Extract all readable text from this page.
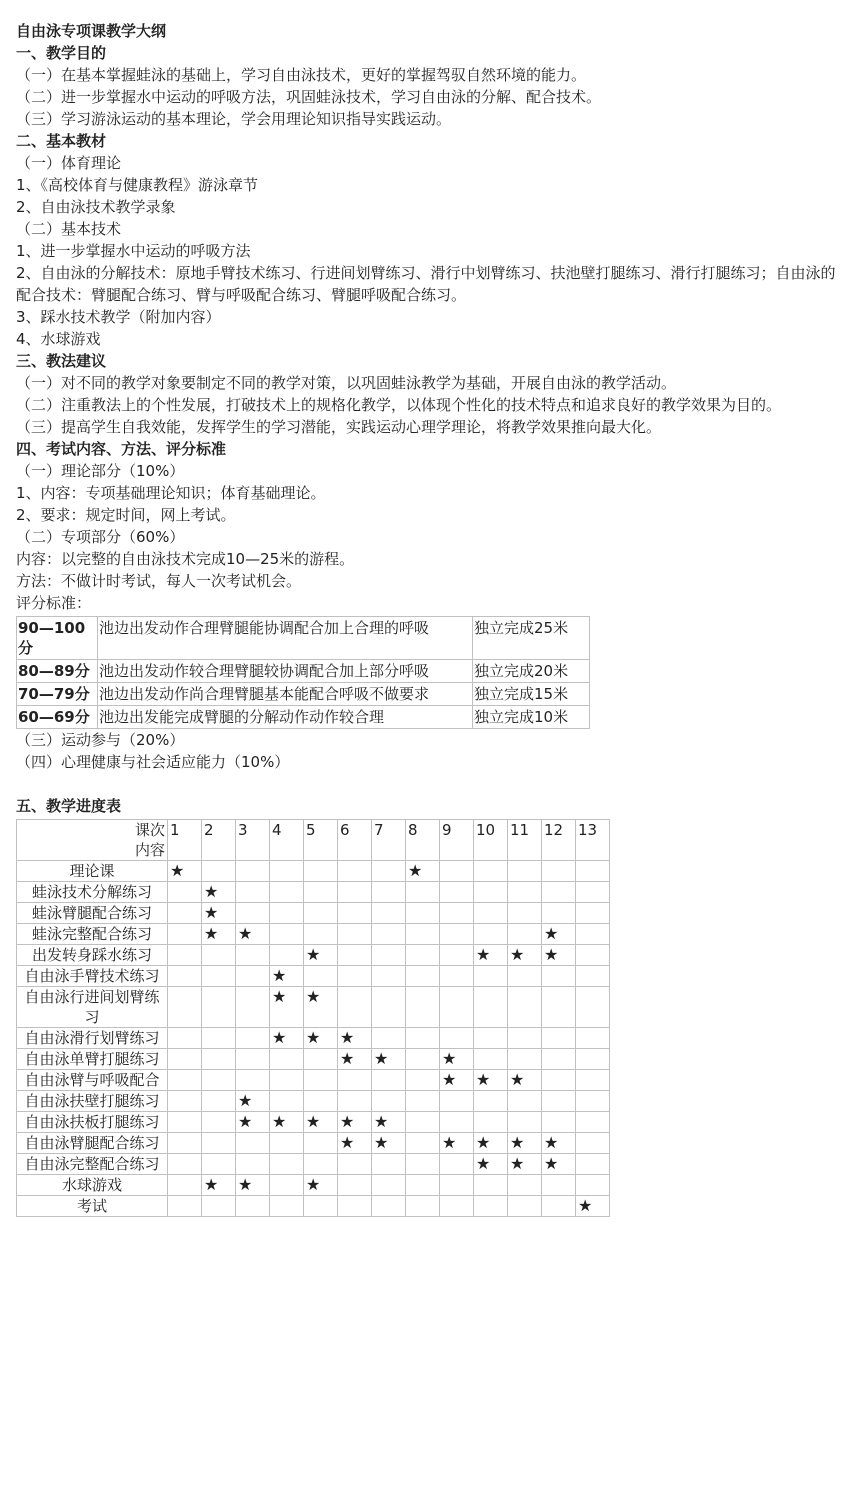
自由泳专项课教学大纲
一、教学目的
（一）在基本掌握蛙泳的基础上，学习自由泳技术，更好的掌握驾驭自然环境的能力。
（二）进一步掌握水中运动的呼吸方法，巩固蛙泳技术，学习自由泳的分解、配合技术。
（三）学习游泳运动的基本理论，学会用理论知识指导实践运动。
二、基本教材
（一）体育理论
1、《高校体育与健康教程》游泳章节
2、自由泳技术教学录象
（二）基本技术
1、进一步掌握水中运动的呼吸方法
2、自由泳的分解技术：原地手臂技术练习、行进间划臂练习、滑行中划臂练习、扶池壁打腿练习、滑行打腿练习；自由泳的配合技术：臂腿配合练习、臂与呼吸配合练习、臂腿呼吸配合练习。
3、踩水技术教学（附加内容）
4、水球游戏
三、教法建议
（一）对不同的教学对象要制定不同的教学对策，以巩固蛙泳教学为基础，开展自由泳的教学活动。
（二）注重教法上的个性发展，打破技术上的规格化教学，以体现个性化的技术特点和追求良好的教学效果为目的。
（三）提高学生自我效能，发挥学生的学习潜能，实践运动心理学理论，将教学效果推向最大化。
四、考试内容、方法、评分标准
（一）理论部分（10%）
1、内容：专项基础理论知识；体育基础理论。
2、要求：规定时间，网上考试。
（二）专项部分（60%）
内容：以完整的自由泳技术完成10—25米的游程。
方法：不做计时考试，每人一次考试机会。
评分标准：
90—100分	池边出发动作合理臂腿能协调配合加上合理的呼吸	独立完成25米
80—89分	池边出发动作较合理臂腿较协调配合加上部分呼吸	独立完成20米
70—79分	池边出发动作尚合理臂腿基本能配合呼吸不做要求	独立完成15米
60—69分	池边出发能完成臂腿的分解动作动作较合理	独立完成10米
（三）运动参与（20%）
（四）心理健康与社会适应能力（10%）
五、教学进度表
课次
内容	1	2	3	4	5	6	7	8	9	10	11	12	13
理论课	★							★					
蛙泳技术分解练习		★											
蛙泳臂腿配合练习		★											
蛙泳完整配合练习		★	★									★	
出发转身踩水练习					★					★	★	★	
自由泳手臂技术练习				★									
自由泳行进间划臂练习				★	★								
自由泳滑行划臂练习				★	★	★							
自由泳单臂打腿练习						★	★		★				
自由泳臂与呼吸配合									★	★	★		
自由泳扶壁打腿练习			★										
自由泳扶板打腿练习			★	★	★	★	★						
自由泳臂腿配合练习						★	★		★	★	★	★	
自由泳完整配合练习										★	★	★	
水球游戏		★	★		★								
考试													★
